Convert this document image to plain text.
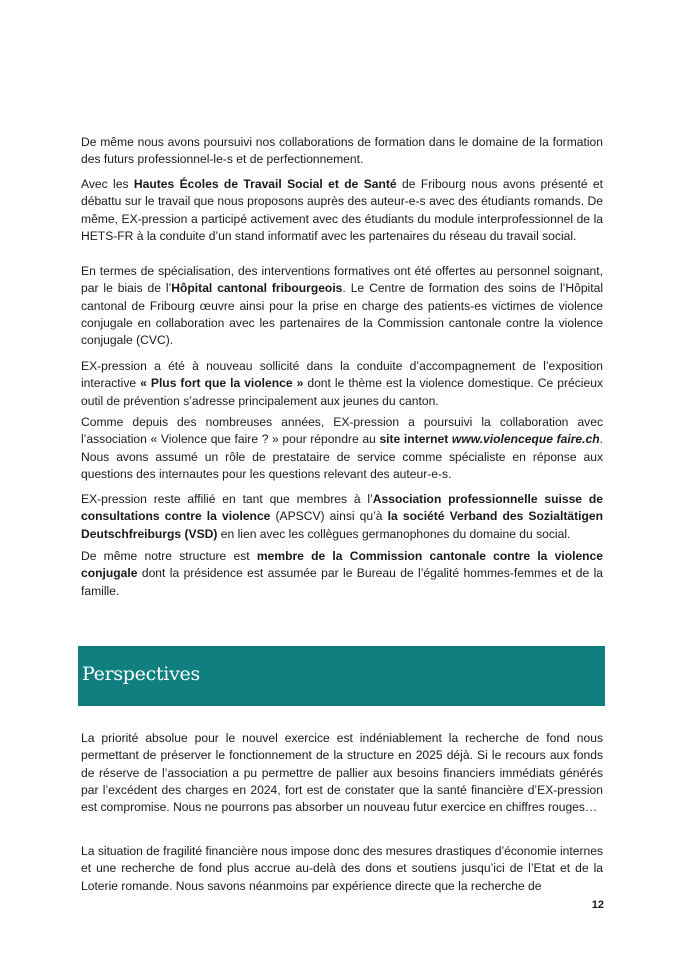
De même nous avons poursuivi nos collaborations de formation dans le domaine de la formation des futurs professionnel-le-s et de perfectionnement.

Avec les Hautes Écoles de Travail Social et de Santé de Fribourg nous avons présenté et débattu sur le travail que nous proposons auprès des auteur-e-s avec des étudiants romands. De même, EX-pression a participé activement avec des étudiants du module interprofessionnel de la HETS-FR à la conduite d’un stand informatif avec les partenaires du réseau du travail social.

En termes de spécialisation, des interventions formatives ont été offertes au personnel soignant, par le biais de l’Hôpital cantonal fribourgeois. Le Centre de formation des soins de l’Hôpital cantonal de Fribourg œuvre ainsi pour la prise en charge des patients-es victimes de violence conjugale en collaboration avec les partenaires de la Commission cantonale contre la violence conjugale (CVC).

EX-pression a été à nouveau sollicité dans la conduite d’accompagnement de l’exposition interactive « Plus fort que la violence » dont le thème est la violence domestique. Ce précieux outil de prévention s’adresse principalement aux jeunes du canton.

Comme depuis des nombreuses années, EX-pression a poursuivi la collaboration avec l’association « Violence que faire ? » pour répondre au site internet www.violenceque faire.ch. Nous avons assumé un rôle de prestataire de service comme spécialiste en réponse aux questions des internautes pour les questions relevant des auteur-e-s.

EX-pression reste affilié en tant que membres à l’Association professionnelle suisse de consultations contre la violence (APSCV) ainsi qu’à la société Verband des Sozialtätigen Deutschfreiburgs (VSD) en lien avec les collègues germanophones du domaine du social.

De même notre structure est membre de la Commission cantonale contre la violence conjugale dont la présidence est assumée par le Bureau de l’égalité hommes-femmes et de la famille.

Perspectives

La priorité absolue pour le nouvel exercice est indéniablement la recherche de fond nous permettant de préserver le fonctionnement de la structure en 2025 déjà. Si le recours aux fonds de réserve de l’association a pu permettre de pallier aux besoins financiers immédiats générés par l’excédent des charges en 2024, fort est de constater que la santé financière d’EX-pression est compromise. Nous ne pourrons pas absorber un nouveau futur exercice en chiffres rouges…

La situation de fragilité financière nous impose donc des mesures drastiques d’économie internes et une recherche de fond plus accrue au-delà des dons et soutiens jusqu’ici de l’Etat et de la Loterie romande. Nous savons néanmoins par expérience directe que la recherche de

12
